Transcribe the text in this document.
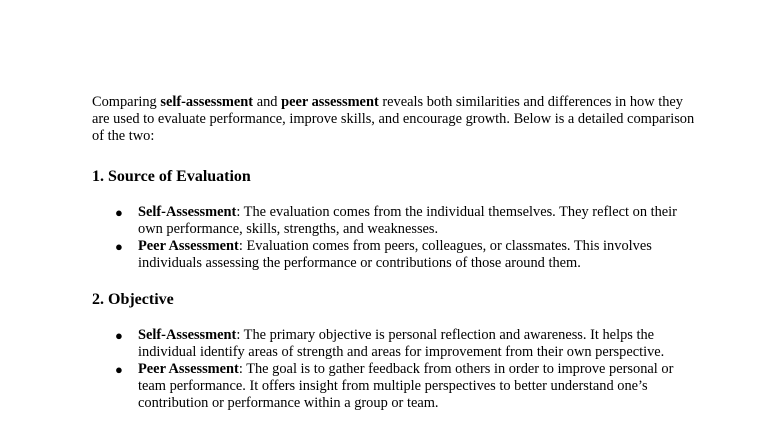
Comparing self-assessment and peer assessment reveals both similarities and differences in how they are used to evaluate performance, improve skills, and encourage growth. Below is a detailed comparison of the two:

1. Source of Evaluation
● Self-Assessment: The evaluation comes from the individual themselves. They reflect on their own performance, skills, strengths, and weaknesses.
● Peer Assessment: Evaluation comes from peers, colleagues, or classmates. This involves individuals assessing the performance or contributions of those around them.
2. Objective
● Self-Assessment: The primary objective is personal reflection and awareness. It helps the individual identify areas of strength and areas for improvement from their own perspective.
● Peer Assessment: The goal is to gather feedback from others in order to improve personal or team performance. It offers insight from multiple perspectives to better understand one’s contribution or performance within a group or team.
